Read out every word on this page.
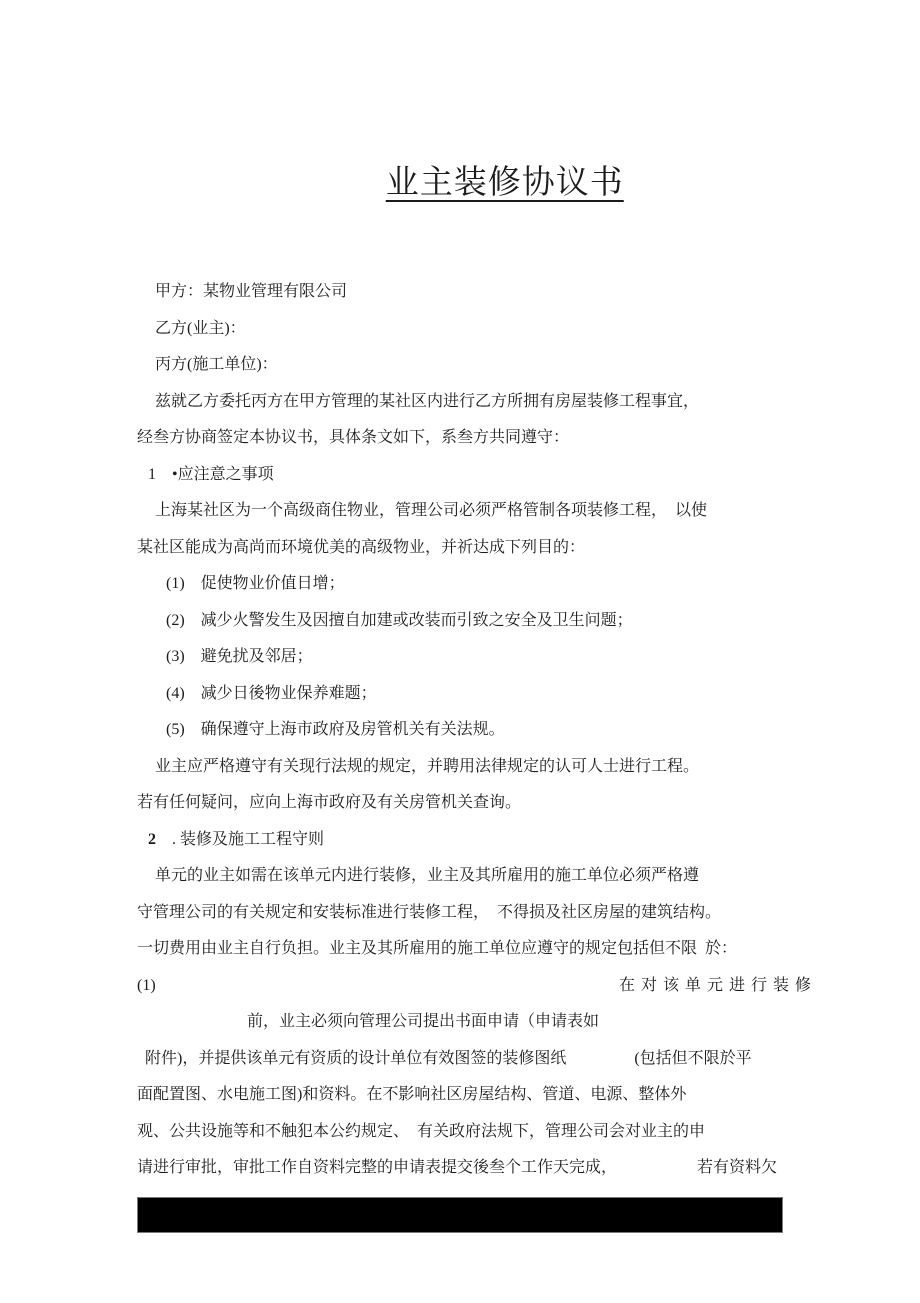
业主装修协议书

甲方：某物业管理有限公司
乙方(业主)：
丙方(施工单位)：
兹就乙方委托丙方在甲方管理的某社区内进行乙方所拥有房屋装修工程事宜，
经叁方协商签定本协议书，具体条文如下，系叁方共同遵守：
1　•应注意之事项
上海某社区为一个高级商住物业，管理公司必须严格管制各项装修工程，　以使
某社区能成为高尚而环境优美的高级物业，并祈达成下列目的：
(1)　促使物业价值日增；
(2)　减少火警发生及因擅自加建或改装而引致之安全及卫生问题；
(3)　避免扰及邻居；
(4)　减少日後物业保养难题；
(5)　确保遵守上海市政府及房管机关有关法规。
业主应严格遵守有关现行法规的规定，并聘用法律规定的认可人士进行工程。
若有任何疑问，应向上海市政府及有关房管机关查询。
2　. 装修及施工工程守则
单元的业主如需在该单元内进行装修，业主及其所雇用的施工单位必须严格遵
守管理公司的有关规定和安装标准进行装修工程，　不得损及社区房屋的建筑结构。
一切费用由业主自行负担。业主及其所雇用的施工单位应遵守的规定包括但不限  於：
(1)	在对该单元进行装修
前，业主必须向管理公司提出书面申请（申请表如
附件)，并提供该单元有资质的设计单位有效图签的装修图纸　　　　 (包括但不限於平
面配置图、水电施工图)和资料。在不影响社区房屋结构、管道、电源、整体外
观、公共设施等和不触犯本公约规定、　有关政府法规下，管理公司会对业主的申
请进行审批，审批工作自资料完整的申请表提交後叁个工作天完成，　　　　　  若有资料欠
